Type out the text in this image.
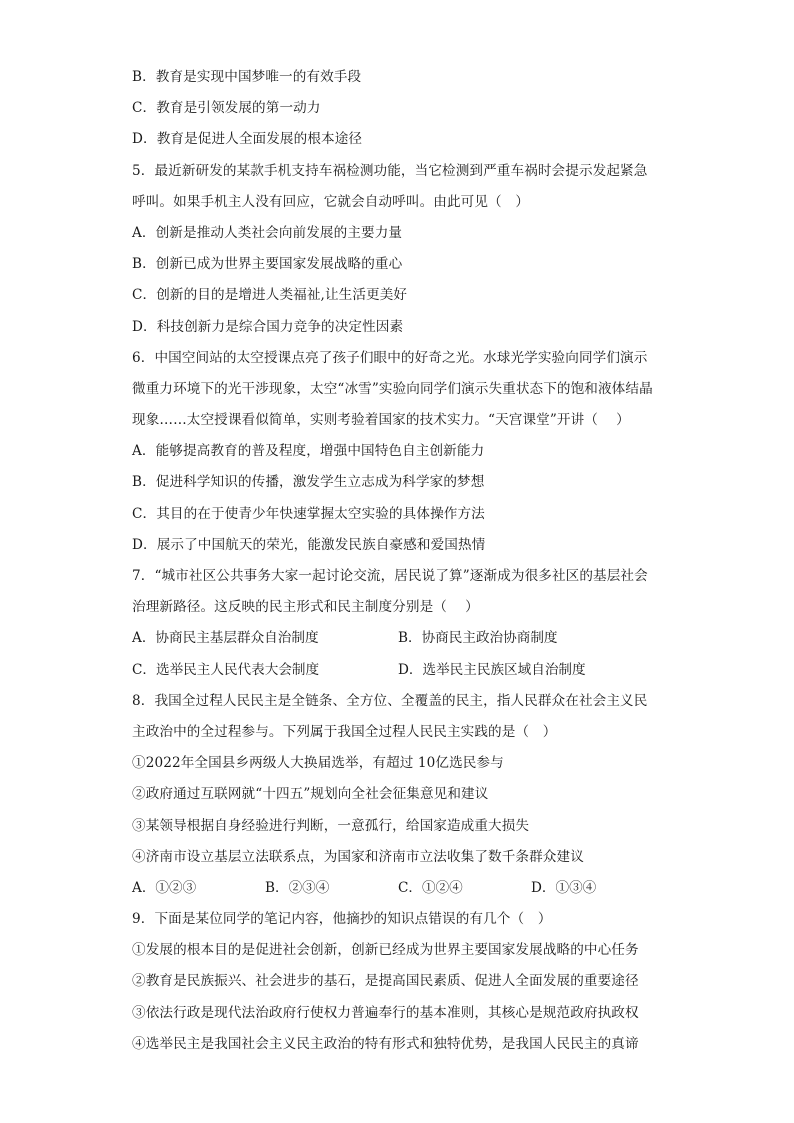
B．教育是实现中国梦唯一的有效手段
C．教育是引领发展的第一动力
D．教育是促进人全面发展的根本途径
5．最近新研发的某款手机支持车祸检测功能，当它检测到严重车祸时会提示发起紧急
呼叫。如果手机主人没有回应，它就会自动呼叫。由此可见（　）
A．创新是推动人类社会向前发展的主要力量
B．创新已成为世界主要国家发展战略的重心
C．创新的目的是增进人类福祉,让生活更美好
D．科技创新力是综合国力竞争的决定性因素
6．中国空间站的太空授课点亮了孩子们眼中的好奇之光。水球光学实验向同学们演示
微重力环境下的光干涉现象，太空“冰雪”实验向同学们演示失重状态下的饱和液体结晶
现象……太空授课看似简单，实则考验着国家的技术实力。“天宫课堂”开讲（　 ）
A．能够提高教育的普及程度，增强中国特色自主创新能力
B．促进科学知识的传播，激发学生立志成为科学家的梦想
C．其目的在于使青少年快速掌握太空实验的具体操作方法
D．展示了中国航天的荣光，能激发民族自豪感和爱国热情
7．“城市社区公共事务大家一起讨论交流，居民说了算”逐渐成为很多社区的基层社会
治理新路径。这反映的民主形式和民主制度分别是（　 ）
A．协商民主基层群众自治制度	B．协商民主政治协商制度
C．选举民主人民代表大会制度	D．选举民主民族区域自治制度
8．我国全过程人民民主是全链条、全方位、全覆盖的民主，指人民群众在社会主义民
主政治中的全过程参与。下列属于我国全过程人民民主实践的是（　）
①2022年全国县乡两级人大换届选举，有超过 10亿选民参与
②政府通过互联网就“十四五”规划向全社会征集意见和建议
③某领导根据自身经验进行判断，一意孤行，给国家造成重大损失
④济南市设立基层立法联系点，为国家和济南市立法收集了数千条群众建议
A．①②③	B．②③④	C．①②④	D．①③④
9．下面是某位同学的笔记内容，他摘抄的知识点错误的有几个（　）
①发展的根本目的是促进社会创新，创新已经成为世界主要国家发展战略的中心任务
②教育是民族振兴、社会进步的基石，是提高国民素质、促进人全面发展的重要途径
③依法行政是现代法治政府行使权力普遍奉行的基本准则，其核心是规范政府执政权
④选举民主是我国社会主义民主政治的特有形式和独特优势，是我国人民民主的真谛
